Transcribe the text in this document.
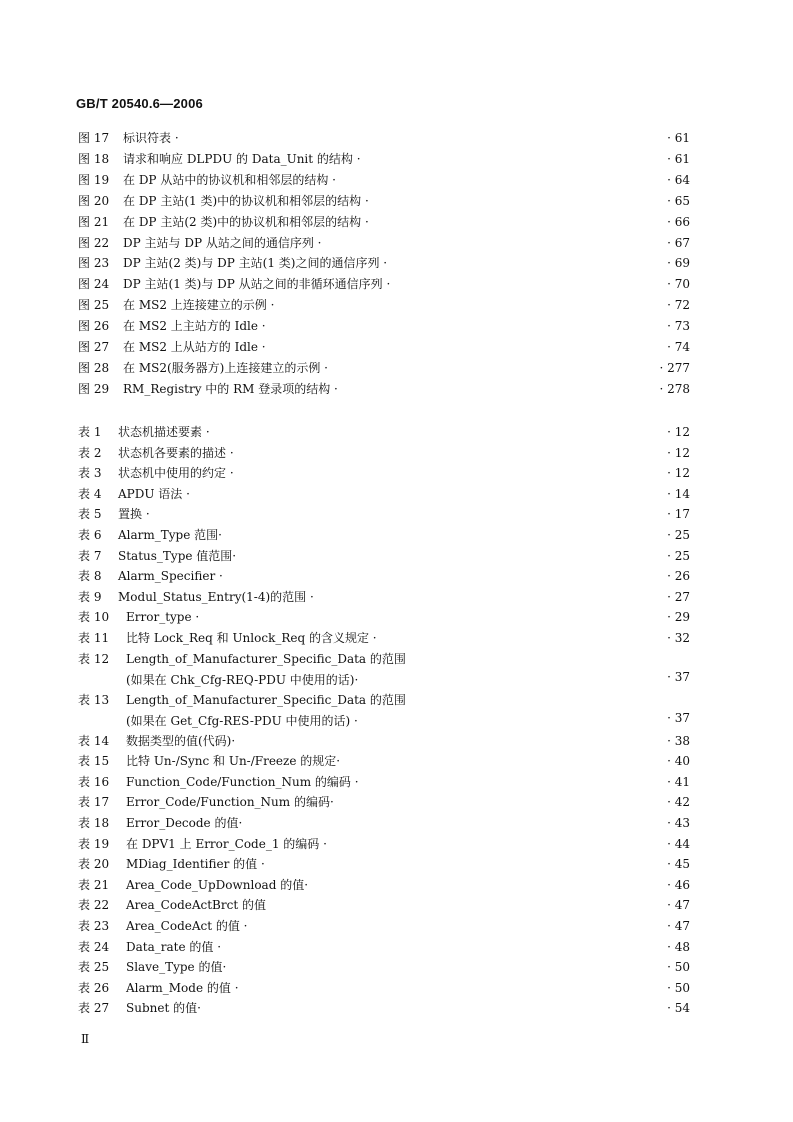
GB/T 20540.6—2006
图 17 标识符表 ·	· 61
图 18 请求和响应 DLPDU 的 Data_Unit 的结构 ·	· 61
图 19 在 DP 从站中的协议机和相邻层的结构 ·	· 64
图 20 在 DP 主站(1 类)中的协议机和相邻层的结构 ·	· 65
图 21 在 DP 主站(2 类)中的协议机和相邻层的结构 ·	· 66
图 22 DP 主站与 DP 从站之间的通信序列 ·	· 67
图 23 DP 主站(2 类)与 DP 主站(1 类)之间的通信序列 ·	· 69
图 24 DP 主站(1 类)与 DP 从站之间的非循环通信序列 ·	· 70
图 25 在 MS2 上连接建立的示例 ·	· 72
图 26 在 MS2 上主站方的 Idle ·	· 73
图 27 在 MS2 上从站方的 Idle ·	· 74
图 28 在 MS2(服务器方)上连接建立的示例 ·	· 277
图 29 RM_Registry 中的 RM 登录项的结构 ·	· 278
表 1 状态机描述要素 ·	· 12
表 2 状态机各要素的描述 ·	· 12
表 3 状态机中使用的约定 ·	· 12
表 4 APDU 语法 ·	· 14
表 5 置换 ·	· 17
表 6 Alarm_Type 范围·	· 25
表 7 Status_Type 值范围·	· 25
表 8 Alarm_Specifier ·	· 26
表 9 Modul_Status_Entry(1-4)的范围 ·	· 27
表 10 Error_type ·	· 29
表 11 比特 Lock_Req 和 Unlock_Req 的含义规定 ·	· 32
表 12 Length_of_Manufacturer_Specific_Data 的范围
(如果在 Chk_Cfg-REQ-PDU 中使用的话)·	· 37
表 13 Length_of_Manufacturer_Specific_Data 的范围
(如果在 Get_Cfg-RES-PDU 中使用的话) ·	· 37
表 14 数据类型的值(代码)·	· 38
表 15 比特 Un-/Sync 和 Un-/Freeze 的规定·	· 40
表 16 Function_Code/Function_Num 的编码 ·	· 41
表 17 Error_Code/Function_Num 的编码·	· 42
表 18 Error_Decode 的值·	· 43
表 19 在 DPV1 上 Error_Code_1 的编码 ·	· 44
表 20 MDiag_Identifier 的值 ·	· 45
表 21 Area_Code_UpDownload 的值·	· 46
表 22 Area_CodeActBrct 的值	· 47
表 23 Area_CodeAct 的值 ·	· 47
表 24 Data_rate 的值 ·	· 48
表 25 Slave_Type 的值·	· 50
表 26 Alarm_Mode 的值 ·	· 50
表 27 Subnet 的值·	· 54
Ⅱ
